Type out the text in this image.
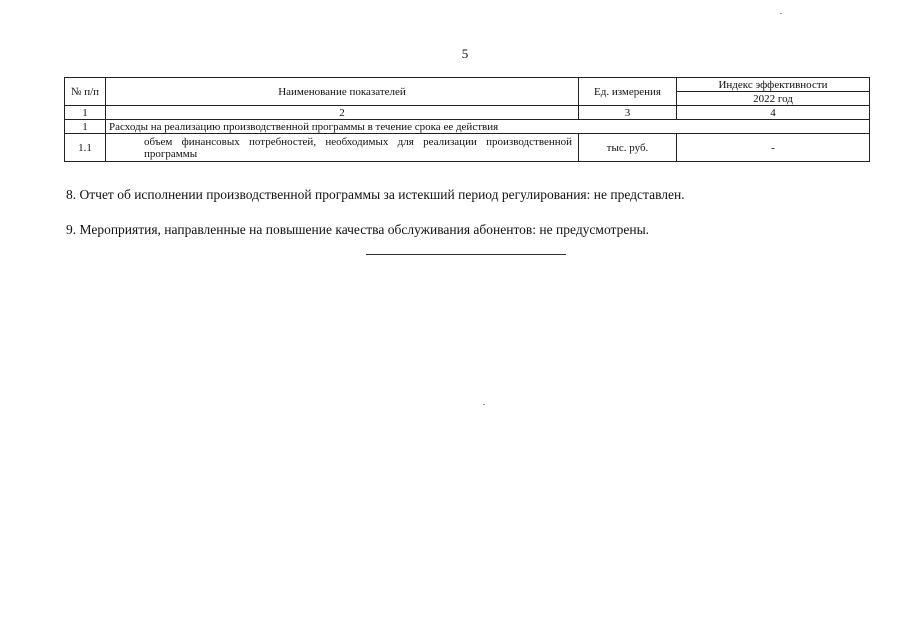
5
№ п/п	Наименование показателей	Ед. измерения	Индекс эффективности
			2022 год
1	2	3	4
1	Расходы на реализацию производственной программы в течение срока ее действия		
1.1	объем финансовых потребностей, необходимых для реализации производственной программы	тыс. руб.	-
8. Отчет об исполнении производственной программы за истекший период регулирования: не представлен.
9. Мероприятия, направленные на повышение качества обслуживания абонентов: не предусмотрены.
